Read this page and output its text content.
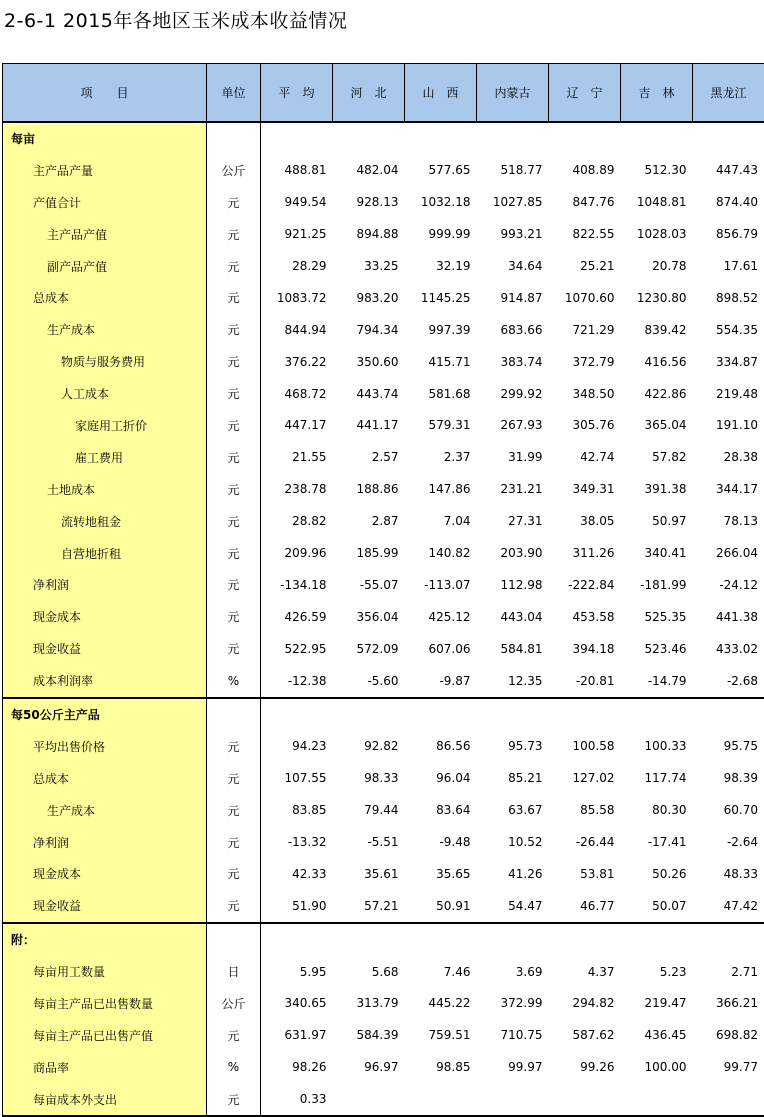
2-6-1 2015年各地区玉米成本收益情况
项　　目	单位	平　均	河　北	山　西	内蒙古	辽　宁	吉　林	黑龙江
每亩								
主产品产量	公斤	488.81	482.04	577.65	518.77	408.89	512.30	447.43
产值合计	元	949.54	928.13	1032.18	1027.85	847.76	1048.81	874.40
主产品产值	元	921.25	894.88	999.99	993.21	822.55	1028.03	856.79
副产品产值	元	28.29	33.25	32.19	34.64	25.21	20.78	17.61
总成本	元	1083.72	983.20	1145.25	914.87	1070.60	1230.80	898.52
生产成本	元	844.94	794.34	997.39	683.66	721.29	839.42	554.35
物质与服务费用	元	376.22	350.60	415.71	383.74	372.79	416.56	334.87
人工成本	元	468.72	443.74	581.68	299.92	348.50	422.86	219.48
家庭用工折价	元	447.17	441.17	579.31	267.93	305.76	365.04	191.10
雇工费用	元	21.55	2.57	2.37	31.99	42.74	57.82	28.38
土地成本	元	238.78	188.86	147.86	231.21	349.31	391.38	344.17
流转地租金	元	28.82	2.87	7.04	27.31	38.05	50.97	78.13
自营地折租	元	209.96	185.99	140.82	203.90	311.26	340.41	266.04
净利润	元	-134.18	-55.07	-113.07	112.98	-222.84	-181.99	-24.12
现金成本	元	426.59	356.04	425.12	443.04	453.58	525.35	441.38
现金收益	元	522.95	572.09	607.06	584.81	394.18	523.46	433.02
成本利润率	%	-12.38	-5.60	-9.87	12.35	-20.81	-14.79	-2.68
每50公斤主产品								
平均出售价格	元	94.23	92.82	86.56	95.73	100.58	100.33	95.75
总成本	元	107.55	98.33	96.04	85.21	127.02	117.74	98.39
生产成本	元	83.85	79.44	83.64	63.67	85.58	80.30	60.70
净利润	元	-13.32	-5.51	-9.48	10.52	-26.44	-17.41	-2.64
现金成本	元	42.33	35.61	35.65	41.26	53.81	50.26	48.33
现金收益	元	51.90	57.21	50.91	54.47	46.77	50.07	47.42
附：								
每亩用工数量	日	5.95	5.68	7.46	3.69	4.37	5.23	2.71
每亩主产品已出售数量	公斤	340.65	313.79	445.22	372.99	294.82	219.47	366.21
每亩主产品已出售产值	元	631.97	584.39	759.51	710.75	587.62	436.45	698.82
商品率	%	98.26	96.97	98.85	99.97	99.26	100.00	99.77
每亩成本外支出	元	0.33						
